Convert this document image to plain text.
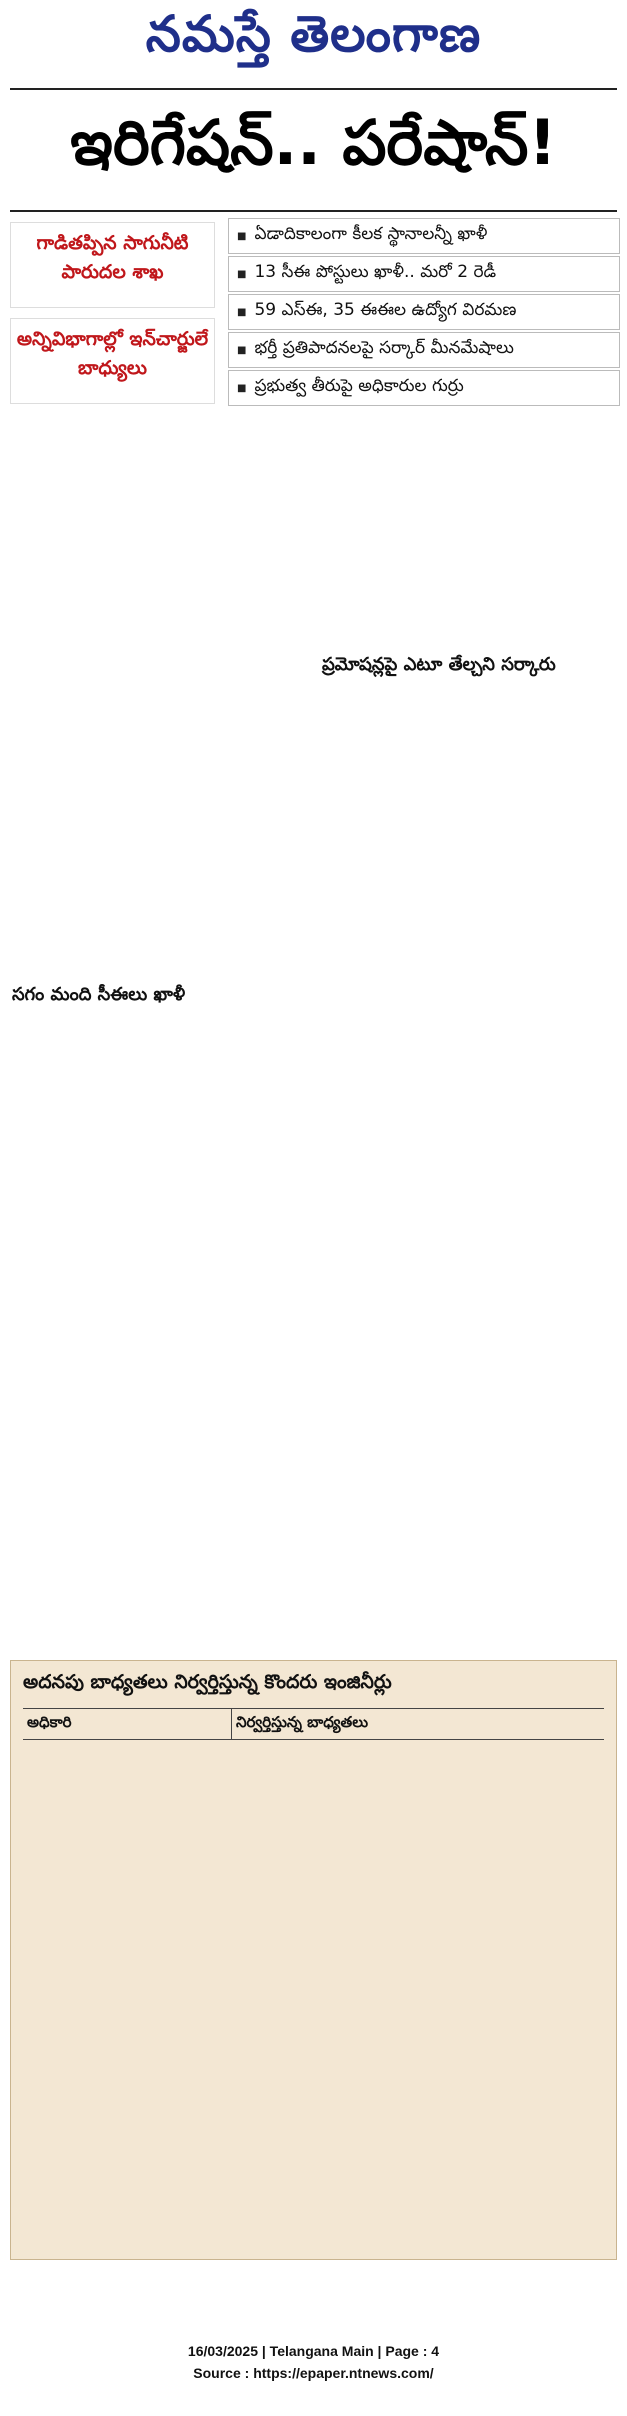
నమస్తే తెలంగాణ
ఇరిగేషన్.. పరేషాన్!
గాడితప్పిన సాగునీటి పారుదల శాఖ
అన్నివిభాగాల్లో ఇన్‌చార్జులే బాధ్యులు
■ ఏడాదికాలంగా కీలక స్థానాలన్నీ ఖాళీ
■ 13 సీఈ పోస్టులు ఖాళీ.. మరో 2 రెడీ
■ 59 ఎస్ఈ, 35 ఈఈల ఉద్యోగ విరమణ
■ భర్తీ ప్రతిపాదనలపై సర్కార్ మీనమేషాలు
■ ప్రభుత్వ తీరుపై అధికారుల గుర్రు
సగం మంది సీఈలు ఖాళీ
ప్రమోషన్లపై ఎటూ తేల్చని సర్కారు
అదనపు బాధ్యతలు నిర్వర్తిస్తున్న కొందరు ఇంజినీర్లు
అధికారి	నిర్వర్తిస్తున్న బాధ్యతలు
16/03/2025 | Telangana Main | Page : 4
Source : https://epaper.ntnews.com/
